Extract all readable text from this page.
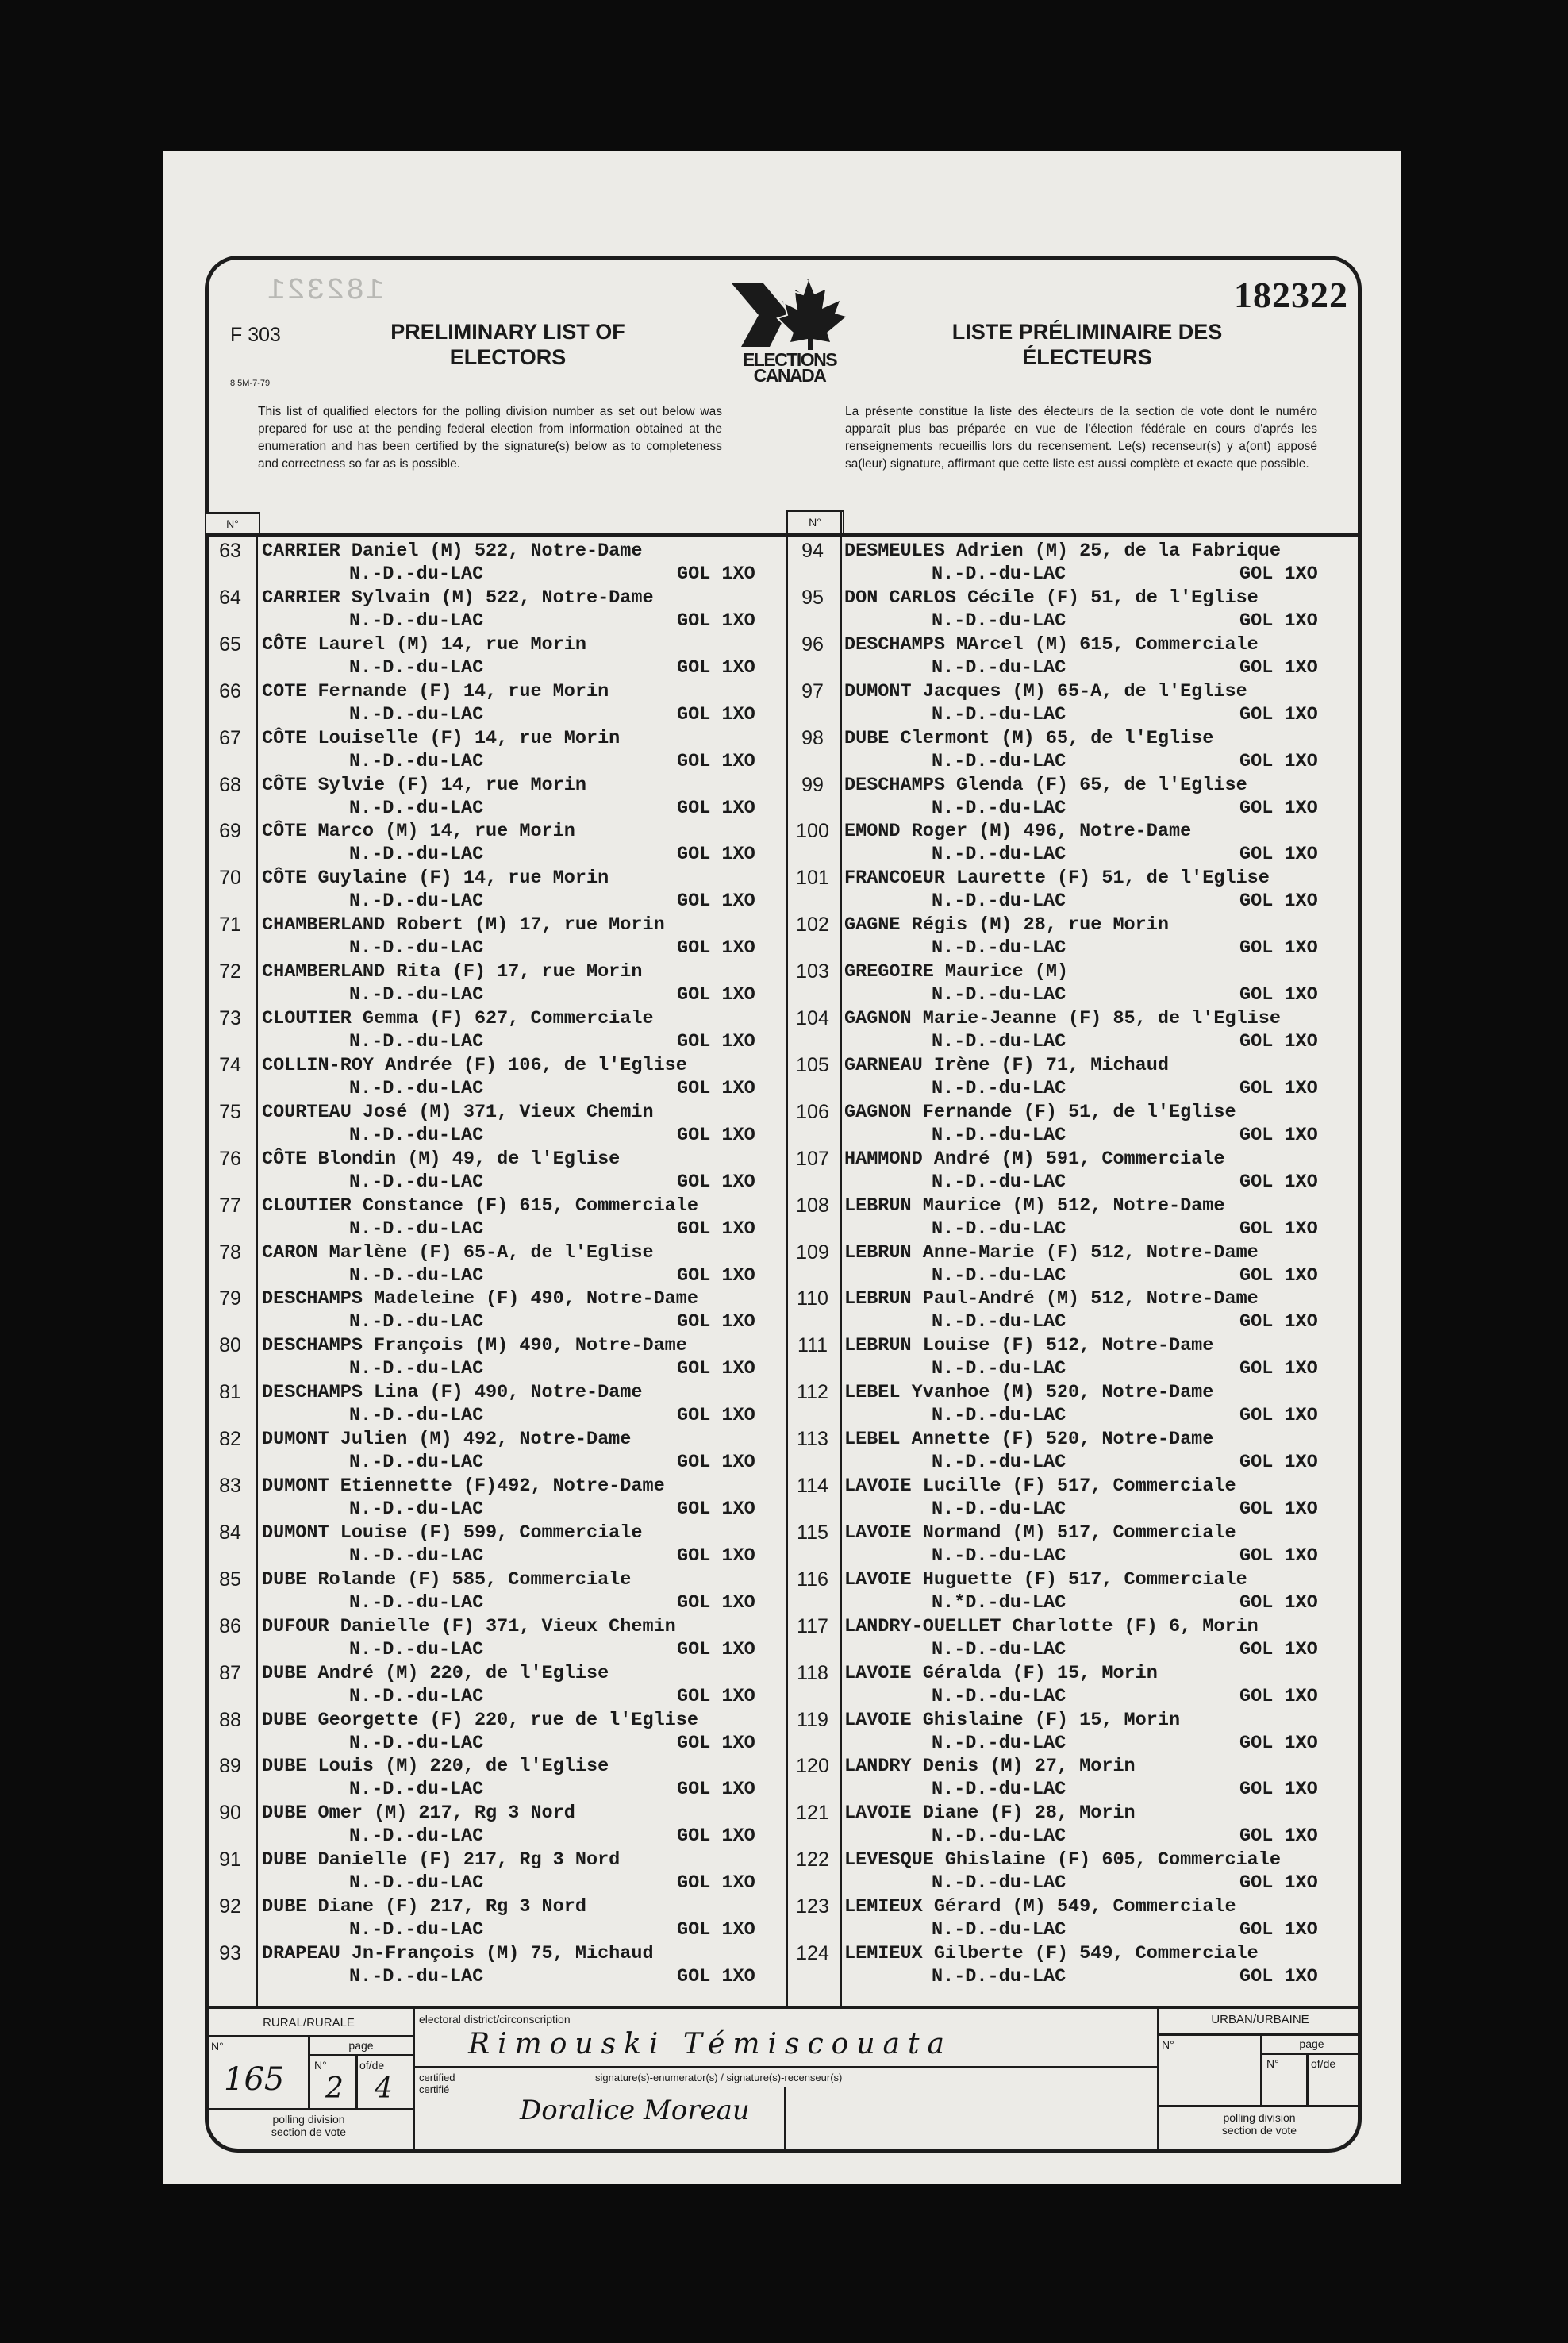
182321
F 303	PRELIMINARY LIST OF
ELECTORS
8 5M-7-79
ELECTIONS
CANADA
182322
LISTE PRÉLIMINAIRE DES
ÉLECTEURS
This list of qualified electors for the polling division number as set out below was prepared for use at the pending federal election from information obtained at the enumeration and has been certified by the signature(s) below as to completeness and correctness so far as is possible.
La présente constitue la liste des électeurs de la section de vote dont le numéro apparaît plus bas préparée en vue de l'élection fédérale en cours d'aprés les renseignements recueillis lors du recensement. Le(s) recenseur(s) y a(ont) apposé sa(leur) signature, affirmant que cette liste est aussi complète et exacte que possible.
N°	N°
63	CARRIER Daniel (M) 522, Notre-Dame
N.-D.-du-LAC	GOL 1XO
64	CARRIER Sylvain (M) 522, Notre-Dame
N.-D.-du-LAC	GOL 1XO
65	CÔTE Laurel (M) 14, rue Morin
N.-D.-du-LAC	GOL 1XO
66	COTE Fernande (F) 14, rue Morin
N.-D.-du-LAC	GOL 1XO
67	CÔTE Louiselle (F) 14, rue Morin
N.-D.-du-LAC	GOL 1XO
68	CÔTE Sylvie (F) 14, rue Morin
N.-D.-du-LAC	GOL 1XO
69	CÔTE Marco (M) 14, rue Morin
N.-D.-du-LAC	GOL 1XO
70	CÔTE Guylaine (F) 14, rue Morin
N.-D.-du-LAC	GOL 1XO
71	CHAMBERLAND Robert (M) 17, rue Morin
N.-D.-du-LAC	GOL 1XO
72	CHAMBERLAND Rita (F) 17, rue Morin
N.-D.-du-LAC	GOL 1XO
73	CLOUTIER Gemma (F) 627, Commerciale
N.-D.-du-LAC	GOL 1XO
74	COLLIN-ROY Andrée (F) 106, de l'Eglise
N.-D.-du-LAC	GOL 1XO
75	COURTEAU José (M) 371, Vieux Chemin
N.-D.-du-LAC	GOL 1XO
76	CÔTE Blondin (M) 49, de l'Eglise
N.-D.-du-LAC	GOL 1XO
77	CLOUTIER Constance (F) 615, Commerciale
N.-D.-du-LAC	GOL 1XO
78	CARON Marlène (F) 65-A, de l'Eglise
N.-D.-du-LAC	GOL 1XO
79	DESCHAMPS Madeleine (F) 490, Notre-Dame
N.-D.-du-LAC	GOL 1XO
80	DESCHAMPS François (M) 490, Notre-Dame
N.-D.-du-LAC	GOL 1XO
81	DESCHAMPS Lina (F) 490, Notre-Dame
N.-D.-du-LAC	GOL 1XO
82	DUMONT Julien (M) 492, Notre-Dame
N.-D.-du-LAC	GOL 1XO
83	DUMONT Etiennette (F)492, Notre-Dame
N.-D.-du-LAC	GOL 1XO
84	DUMONT Louise (F) 599, Commerciale
N.-D.-du-LAC	GOL 1XO
85	DUBE Rolande (F) 585, Commerciale
N.-D.-du-LAC	GOL 1XO
86	DUFOUR Danielle (F) 371, Vieux Chemin
N.-D.-du-LAC	GOL 1XO
87	DUBE André (M) 220, de l'Eglise
N.-D.-du-LAC	GOL 1XO
88	DUBE Georgette (F) 220, rue de l'Eglise
N.-D.-du-LAC	GOL 1XO
89	DUBE Louis (M) 220, de l'Eglise
N.-D.-du-LAC	GOL 1XO
90	DUBE Omer (M) 217, Rg 3 Nord
N.-D.-du-LAC	GOL 1XO
91	DUBE Danielle (F) 217, Rg 3 Nord
N.-D.-du-LAC	GOL 1XO
92	DUBE Diane (F) 217, Rg 3 Nord
N.-D.-du-LAC	GOL 1XO
93	DRAPEAU Jn-François (M) 75, Michaud
N.-D.-du-LAC	GOL 1XO
94	DESMEULES Adrien (M) 25, de la Fabrique
N.-D.-du-LAC	GOL 1XO
95	DON CARLOS Cécile (F) 51, de l'Eglise
N.-D.-du-LAC	GOL 1XO
96	DESCHAMPS MArcel (M) 615, Commerciale
N.-D.-du-LAC	GOL 1XO
97	DUMONT Jacques (M) 65-A, de l'Eglise
N.-D.-du-LAC	GOL 1XO
98	DUBE Clermont (M) 65, de l'Eglise
N.-D.-du-LAC	GOL 1XO
99	DESCHAMPS Glenda (F) 65, de l'Eglise
N.-D.-du-LAC	GOL 1XO
100 EMOND Roger (M) 496, Notre-Dame
N.-D.-du-LAC	GOL 1XO
101 FRANCOEUR Laurette (F) 51, de l'Eglise
N.-D.-du-LAC	GOL 1XO
102 GAGNE Régis (M) 28, rue Morin
N.-D.-du-LAC	GOL 1XO
103 GREGOIRE Maurice (M)
N.-D.-du-LAC	GOL 1XO
104 GAGNON Marie-Jeanne (F) 85, de l'Eglise
N.-D.-du-LAC	GOL 1XO
105 GARNEAU Irène (F) 71, Michaud
N.-D.-du-LAC	GOL 1XO
106 GAGNON Fernande (F) 51, de l'Eglise
N.-D.-du-LAC	GOL 1XO
107 HAMMOND André (M) 591, Commerciale
N.-D.-du-LAC	GOL 1XO
108 LEBRUN Maurice (M) 512, Notre-Dame
N.-D.-du-LAC	GOL 1XO
109 LEBRUN Anne-Marie (F) 512, Notre-Dame
N.-D.-du-LAC	GOL 1XO
110 LEBRUN Paul-André (M) 512, Notre-Dame
N.-D.-du-LAC	GOL 1XO
111 LEBRUN Louise (F) 512, Notre-Dame
N.-D.-du-LAC	GOL 1XO
112 LEBEL Yvanhoe (M) 520, Notre-Dame
N.-D.-du-LAC	GOL 1XO
113 LEBEL Annette (F) 520, Notre-Dame
N.-D.-du-LAC	GOL 1XO
114 LAVOIE Lucille (F) 517, Commerciale
N.-D.-du-LAC	GOL 1XO
115 LAVOIE Normand (M) 517, Commerciale
N.-D.-du-LAC	GOL 1XO
116 LAVOIE Huguette (F) 517, Commerciale
N.*D.-du-LAC	GOL 1XO
117 LANDRY-OUELLET Charlotte (F) 6, Morin
N.-D.-du-LAC	GOL 1XO
118 LAVOIE Géralda (F) 15, Morin
N.-D.-du-LAC	GOL 1XO
119 LAVOIE Ghislaine (F) 15, Morin
N.-D.-du-LAC	GOL 1XO
120 LANDRY Denis (M) 27, Morin
N.-D.-du-LAC	GOL 1XO
121 LAVOIE Diane (F) 28, Morin
N.-D.-du-LAC	GOL 1XO
122 LEVESQUE Ghislaine (F) 605, Commerciale
N.-D.-du-LAC	GOL 1XO
123 LEMIEUX Gérard (M) 549, Commerciale
N.-D.-du-LAC	GOL 1XO
124 LEMIEUX Gilberte (F) 549, Commerciale
N.-D.-du-LAC	GOL 1XO
RURAL/RURALE
N°	page
N°	of/de
165 2 4
polling division
section de vote
electoral district/circonscription
Rimouski Témiscouata
certified
certifié
signature(s)-enumerator(s) / signature(s)-recenseur(s)
Doralice Moreau
URBAN/URBAINE
N°	page
N°	of/de
polling division
section de vote
